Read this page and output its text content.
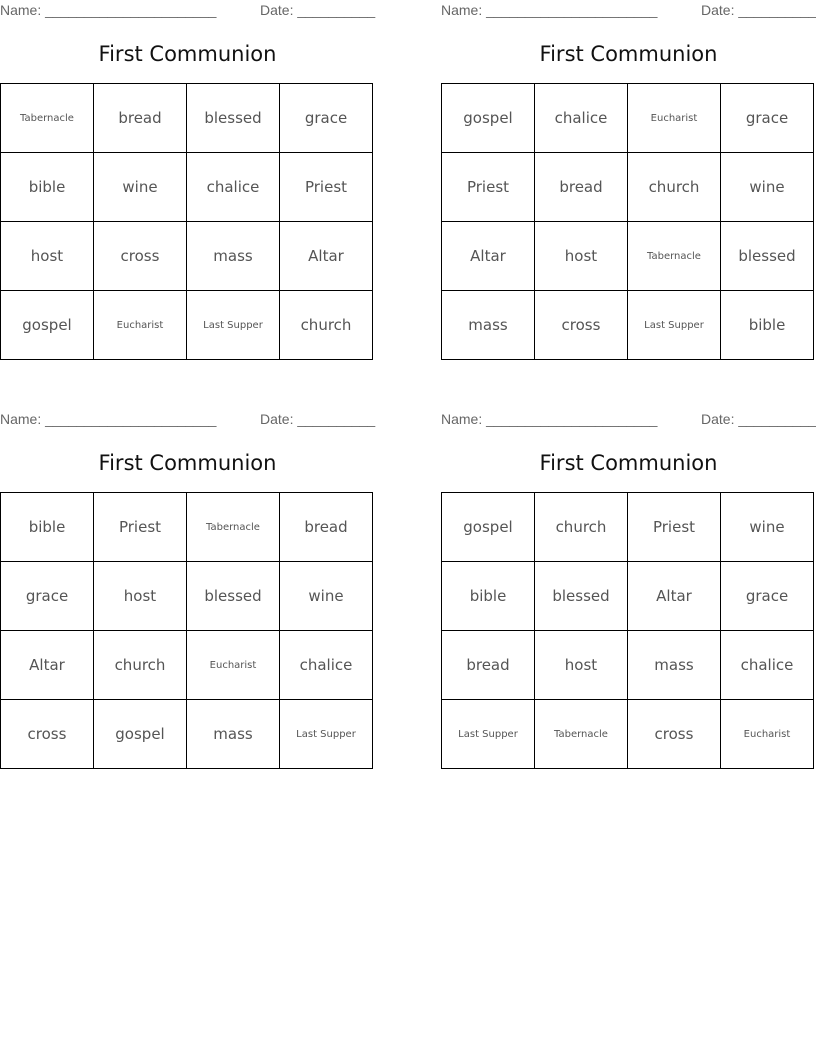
Name: ______________________	Date: __________
First Communion
Tabernacle	bread	blessed	grace
bible	wine	chalice	Priest
host	cross	mass	Altar
gospel	Eucharist	Last Supper	church
Name: ______________________	Date: __________
First Communion
gospel	chalice	Eucharist	grace
Priest	bread	church	wine
Altar	host	Tabernacle	blessed
mass	cross	Last Supper	bible
Name: ______________________	Date: __________
First Communion
bible	Priest	Tabernacle	bread
grace	host	blessed	wine
Altar	church	Eucharist	chalice
cross	gospel	mass	Last Supper
Name: ______________________	Date: __________
First Communion
gospel	church	Priest	wine
bible	blessed	Altar	grace
bread	host	mass	chalice
Last Supper	Tabernacle	cross	Eucharist
